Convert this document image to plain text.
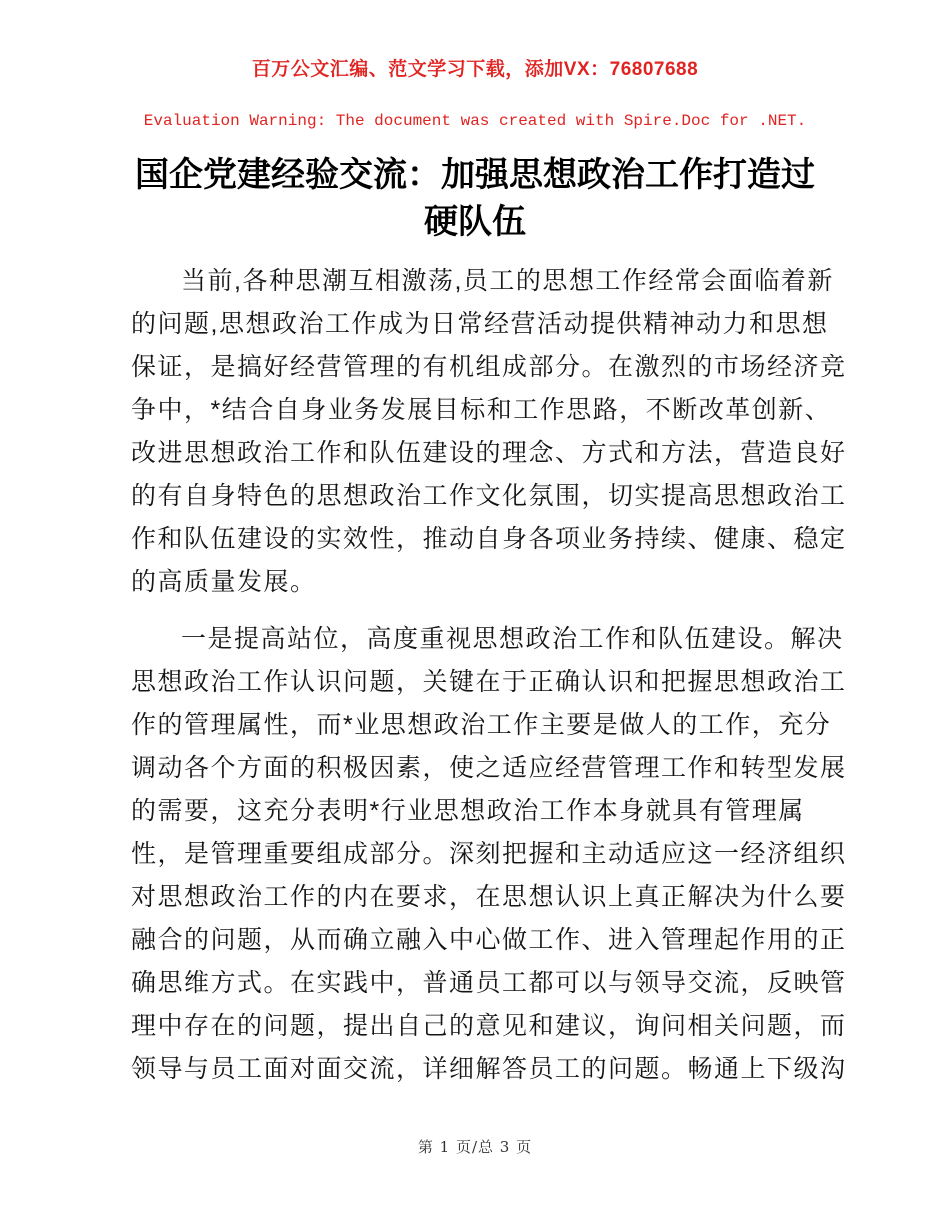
百万公文汇编、范文学习下载，添加VX：76807688
Evaluation Warning: The document was created with Spire.Doc for .NET.
国企党建经验交流：加强思想政治工作打造过
硬队伍
当前,各种思潮互相激荡,员工的思想工作经常会面临着新
的问题,思想政治工作成为日常经营活动提供精神动力和思想
保证，是搞好经营管理的有机组成部分。在激烈的市场经济竞
争中，*结合自身业务发展目标和工作思路，不断改革创新、
改进思想政治工作和队伍建设的理念、方式和方法，营造良好
的有自身特色的思想政治工作文化氛围，切实提高思想政治工
作和队伍建设的实效性，推动自身各项业务持续、健康、稳定
的高质量发展。
一是提高站位，高度重视思想政治工作和队伍建设。解决
思想政治工作认识问题，关键在于正确认识和把握思想政治工
作的管理属性，而*业思想政治工作主要是做人的工作，充分
调动各个方面的积极因素，使之适应经营管理工作和转型发展
的需要，这充分表明*行业思想政治工作本身就具有管理属
性，是管理重要组成部分。深刻把握和主动适应这一经济组织
对思想政治工作的内在要求，在思想认识上真正解决为什么要
融合的问题，从而确立融入中心做工作、进入管理起作用的正
确思维方式。在实践中，普通员工都可以与领导交流，反映管
理中存在的问题，提出自己的意见和建议，询问相关问题，而
领导与员工面对面交流，详细解答员工的问题。畅通上下级沟
第 1 页/总 3 页
